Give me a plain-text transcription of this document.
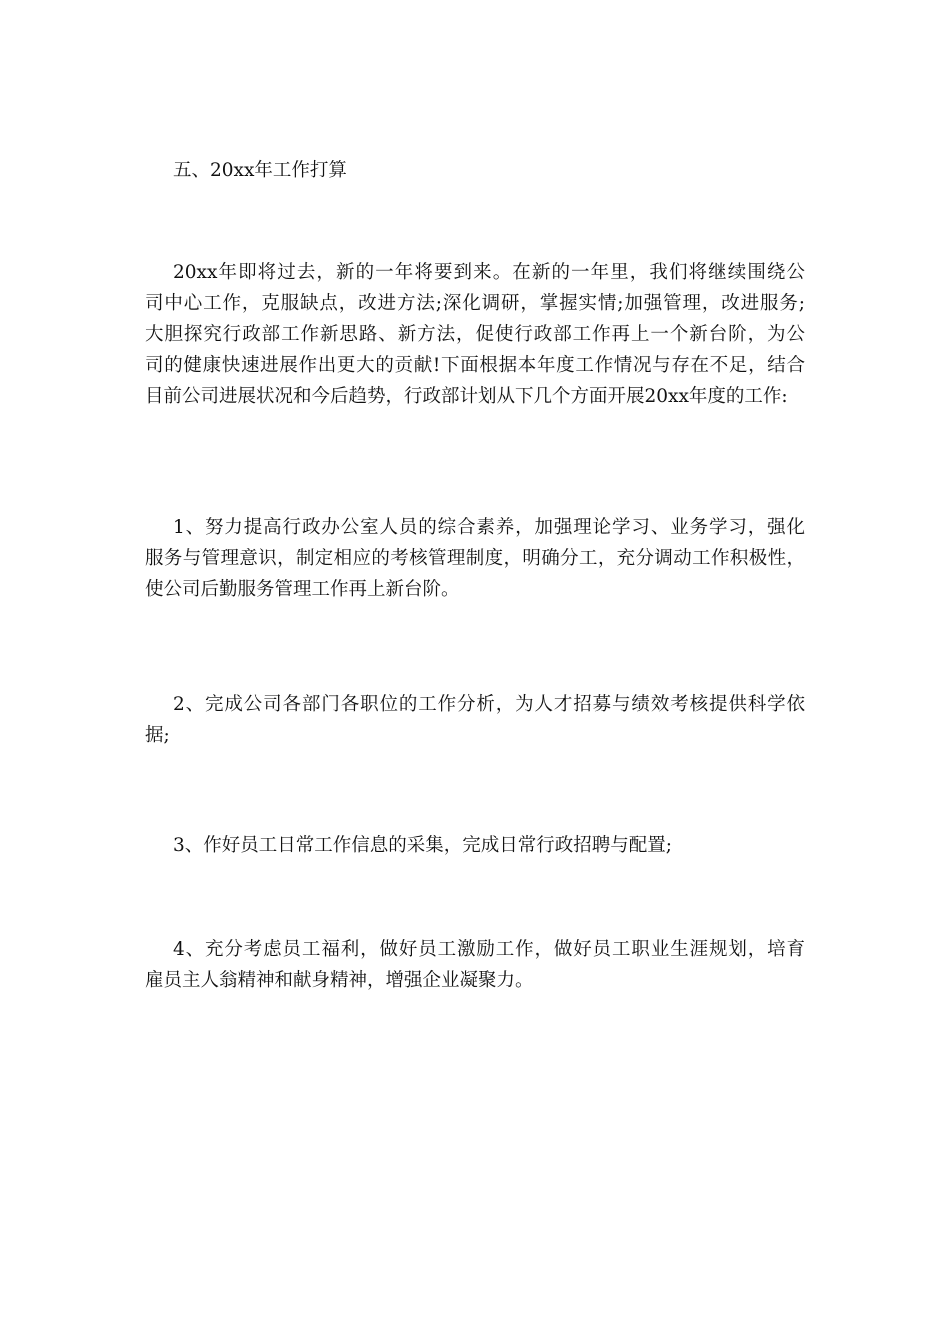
五、20xx年工作打算
20xx年即将过去，新的一年将要到来。在新的一年里，我们将继续围绕公
司中心工作，克服缺点，改进方法;深化调研，掌握实情;加强管理，改进服务;
大胆探究行政部工作新思路、新方法，促使行政部工作再上一个新台阶，为公
司的健康快速进展作出更大的贡献!下面根据本年度工作情况与存在不足，结合
目前公司进展状况和今后趋势，行政部计划从下几个方面开展20xx年度的工作:
1、努力提高行政办公室人员的综合素养，加强理论学习、业务学习，强化
服务与管理意识，制定相应的考核管理制度，明确分工，充分调动工作积极性，
使公司后勤服务管理工作再上新台阶。
2、完成公司各部门各职位的工作分析，为人才招募与绩效考核提供科学依
据;
3、作好员工日常工作信息的采集，完成日常行政招聘与配置;
4、充分考虑员工福利，做好员工激励工作，做好员工职业生涯规划，培育
雇员主人翁精神和献身精神，增强企业凝聚力。
